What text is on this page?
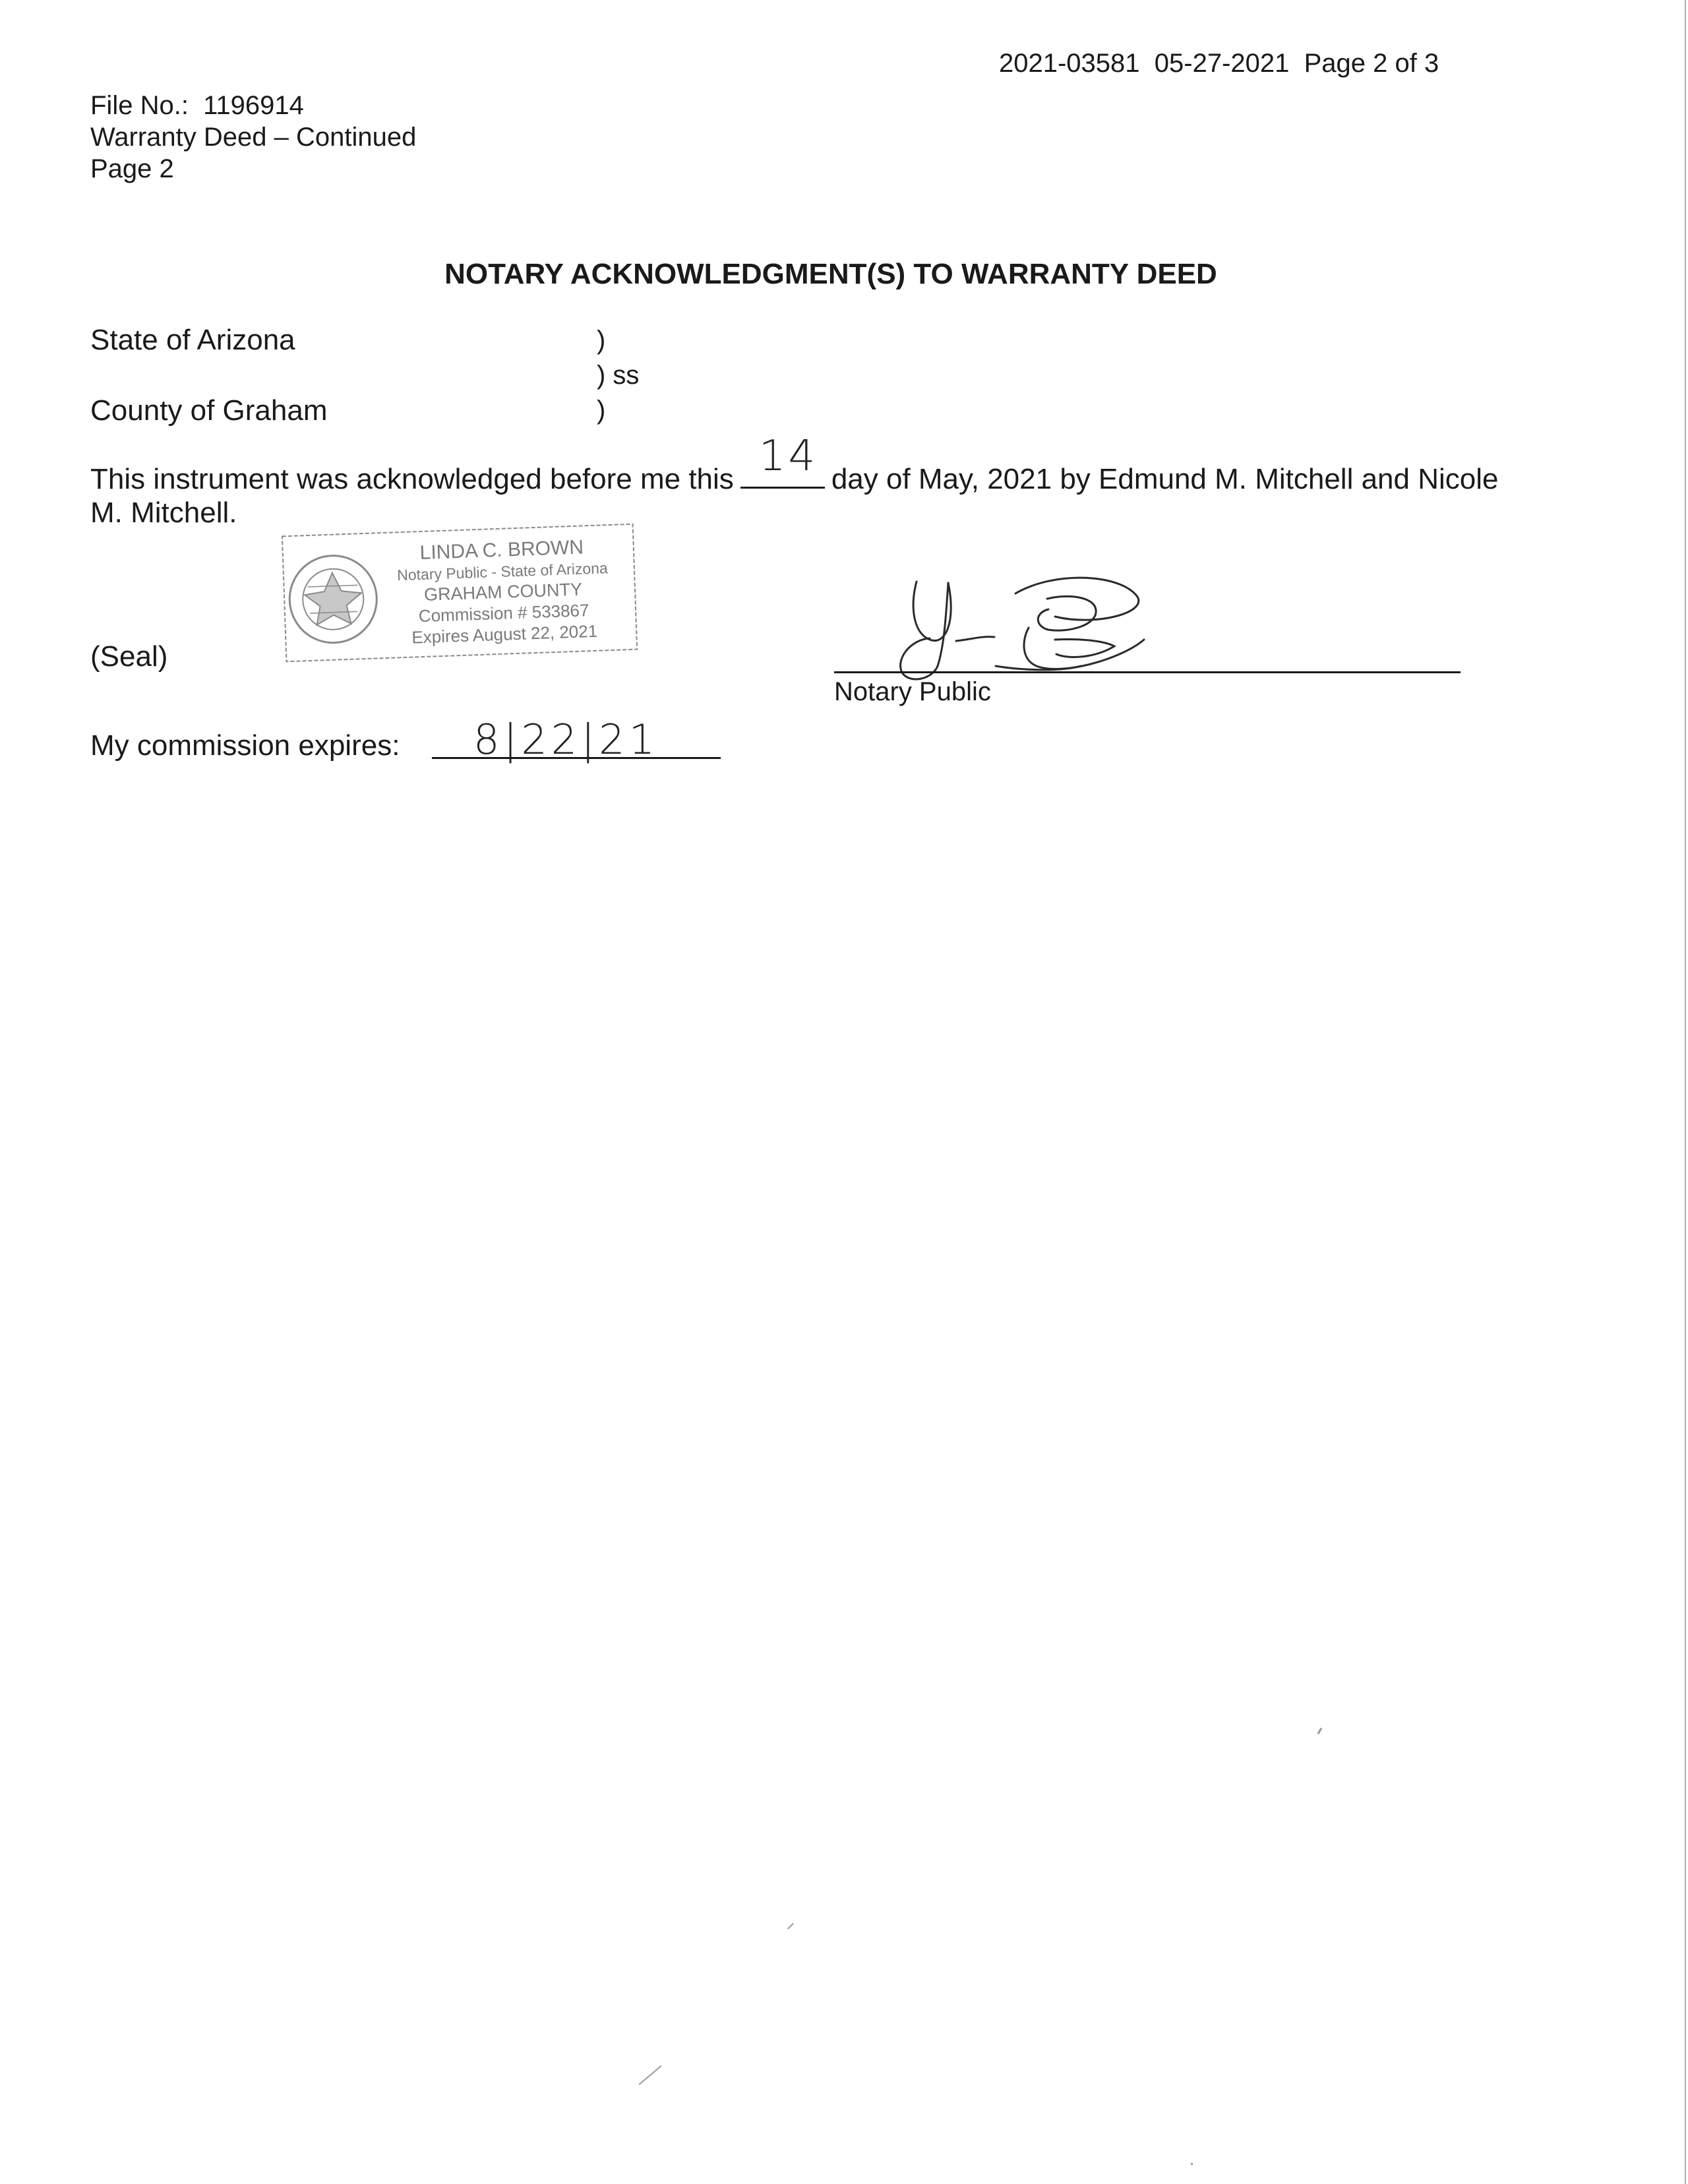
2021-03581  05-27-2021  Page 2 of 3
File No.:  1196914
Warranty Deed – Continued
Page 2
NOTARY ACKNOWLEDGMENT(S) TO WARRANTY DEED
State of Arizona
County of Graham
)
) ss
)
This instrument was acknowledged before me this 14 day of May, 2021 by Edmund M. Mitchell and Nicole
M. Mitchell.
LINDA C. BROWN
Notary Public - State of Arizona
GRAHAM COUNTY
Commission # 533867
Expires August 22, 2021
(Seal)
Notary Public
My commission expires: 8|22|21
